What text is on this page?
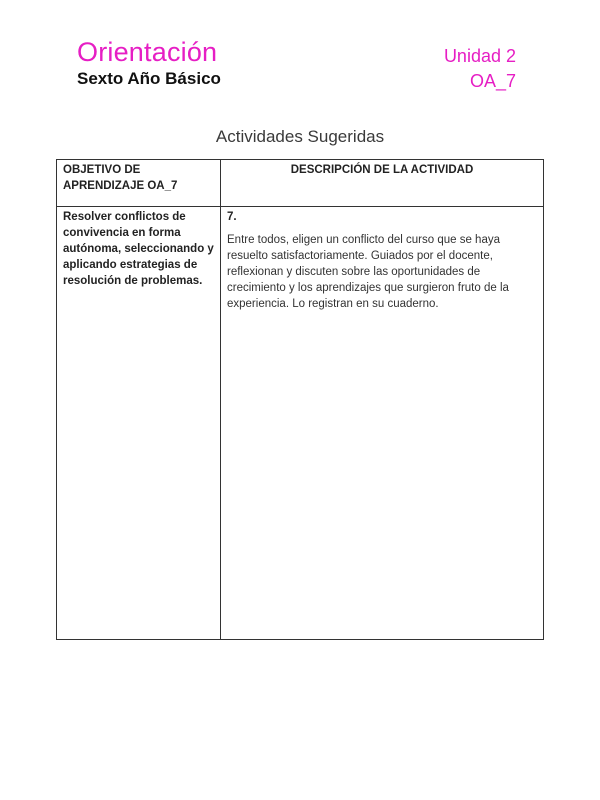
Orientación
Sexto Año Básico
Unidad 2
OA_7
Actividades Sugeridas
OBJETIVO DE APRENDIZAJE OA_7	DESCRIPCIÓN DE LA ACTIVIDAD

Resolver conflictos de convivencia en forma autónoma, seleccionando y aplicando estrategias de resolución de problemas.	7.
Entre todos, eligen un conflicto del curso que se haya resuelto satisfactoriamente. Guiados por el docente, reflexionan y discuten sobre las oportunidades de crecimiento y los aprendizajes que surgieron fruto de la experiencia. Lo registran en su cuaderno.
